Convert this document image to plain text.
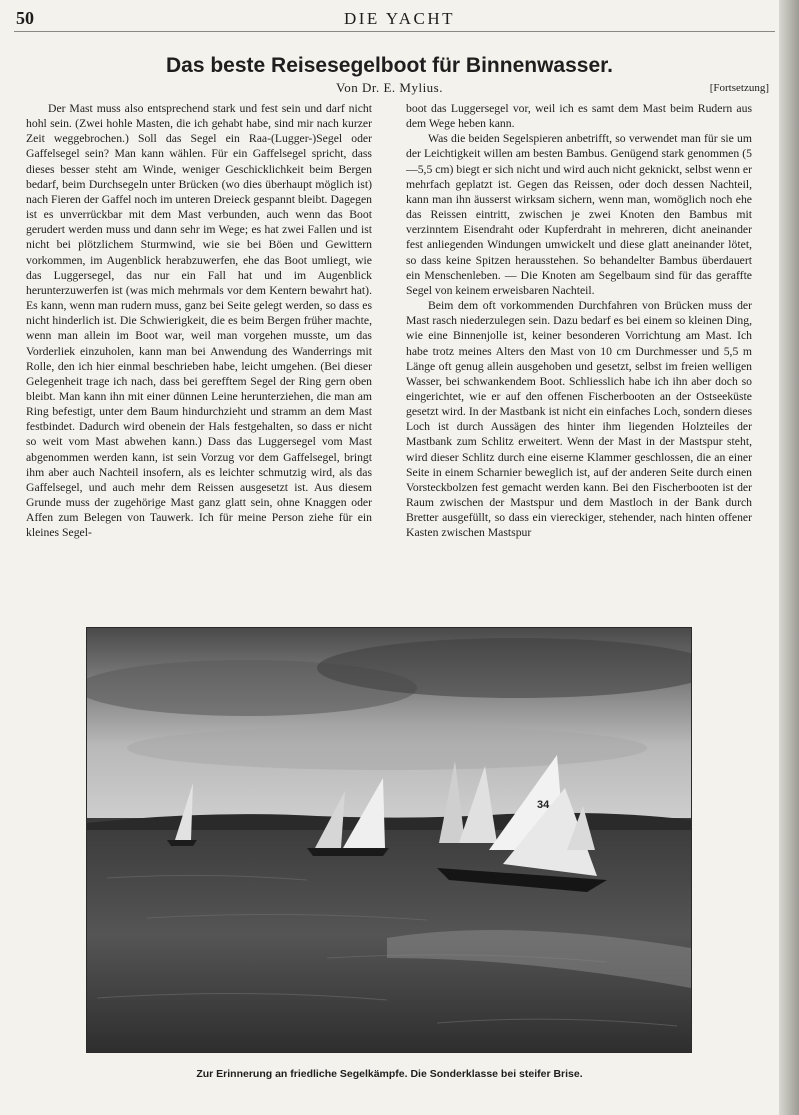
50	DIE YACHT
Das beste Reisesegelboot für Binnenwasser.
Von Dr. E. Mylius.	[Fortsetzung]

Der Mast muss also entsprechend stark und fest sein und darf nicht hohl sein. (Zwei hohle Masten, die ich gehabt habe, sind mir nach kurzer Zeit weggebrochen.) Soll das Segel ein Raa-(Lugger-)Segel oder Gaffelsegel sein? Man kann wählen. Für ein Gaffelsegel spricht, dass dieses besser steht am Winde, weniger Geschicklichkeit beim Bergen bedarf, beim Durchsegeln unter Brücken (wo dies überhaupt möglich ist) nach Fieren der Gaffel noch im unteren Dreieck gespannt bleibt. Dagegen ist es unverrückbar mit dem Mast verbunden, auch wenn das Boot gerudert werden muss und dann sehr im Wege; es hat zwei Fallen und ist nicht bei plötzlichem Sturmwind, wie sie bei Böen und Gewittern vorkommen, im Augenblick herabzuwerfen, ehe das Boot umliegt, wie das Luggersegel, das nur ein Fall hat und im Augenblick herunterzuwerfen ist (was mich mehrmals vor dem Kentern bewahrt hat). Es kann, wenn man rudern muss, ganz bei Seite gelegt werden, so dass es nicht hinderlich ist. Die Schwierigkeit, die es beim Bergen früher machte, wenn man allein im Boot war, weil man vorgehen musste, um das Vorderliek einzuholen, kann man bei Anwendung des Wanderrings mit Rolle, den ich hier einmal beschrieben habe, leicht umgehen. (Bei dieser Gelegenheit trage ich nach, dass bei gerefftem Segel der Ring gern oben bleibt. Man kann ihn mit einer dünnen Leine herunterziehen, die man am Ring befestigt, unter dem Baum hindurchzieht und stramm an dem Mast festbindet. Dadurch wird obenein der Hals festgehalten, so dass er nicht so weit vom Mast abwehen kann.) Dass das Luggersegel vom Mast abgenommen werden kann, ist sein Vorzug vor dem Gaffelsegel, bringt ihm aber auch Nachteil insofern, als es leichter schmutzig wird, als das Gaffelsegel, und auch mehr dem Reissen ausgesetzt ist. Aus diesem Grunde muss der zugehörige Mast ganz glatt sein, ohne Knaggen oder Affen zum Belegen von Tauwerk. Ich für meine Person ziehe für ein kleines Segel-

boot das Luggersegel vor, weil ich es samt dem Mast beim Rudern aus dem Wege heben kann.

Was die beiden Segelspieren anbetrifft, so verwendet man für sie um der Leichtigkeit willen am besten Bambus. Genügend stark genommen (5—5,5 cm) biegt er sich nicht und wird auch nicht geknickt, selbst wenn er mehrfach geplatzt ist. Gegen das Reissen, oder doch dessen Nachteil, kann man ihn äusserst wirksam sichern, wenn man, womöglich noch ehe das Reissen eintritt, zwischen je zwei Knoten den Bambus mit verzinntem Eisendraht oder Kupferdraht in mehreren, dicht aneinander fest anliegenden Windungen umwickelt und diese glatt aneinander lötet, so dass keine Spitzen herausstehen. So behandelter Bambus überdauert ein Menschenleben. — Die Knoten am Segelbaum sind für das geraffte Segel von keinem erweisbaren Nachteil.

Beim dem oft vorkommenden Durchfahren von Brücken muss der Mast rasch niederzulegen sein. Dazu bedarf es bei einem so kleinen Ding, wie eine Binnenjolle ist, keiner besonderen Vorrichtung am Mast. Ich habe trotz meines Alters den Mast von 10 cm Durchmesser und 5,5 m Länge oft genug allein ausgehoben und gesetzt, selbst im freien welligen Wasser, bei schwankendem Boot. Schliesslich habe ich ihn aber doch so eingerichtet, wie er auf den offenen Fischerbooten an der Ostseeküste gesetzt wird. In der Mastbank ist nicht ein einfaches Loch, sondern dieses Loch ist durch Aussägen des hinter ihm liegenden Holzteiles der Mastbank zum Schlitz erweitert. Wenn der Mast in der Mastspur steht, wird dieser Schlitz durch eine eiserne Klammer geschlossen, die an einer Seite in einem Scharnier beweglich ist, auf der anderen Seite durch einen Vorsteckbolzen fest gemacht werden kann. Bei den Fischerbooten ist der Raum zwischen der Mastspur und dem Mastloch in der Bank durch Bretter ausgefüllt, so dass ein viereckiger, stehender, nach hinten offener Kasten zwischen Mastspur

34
Zur Erinnerung an friedliche Segelkämpfe. Die Sonderklasse bei steifer Brise.
